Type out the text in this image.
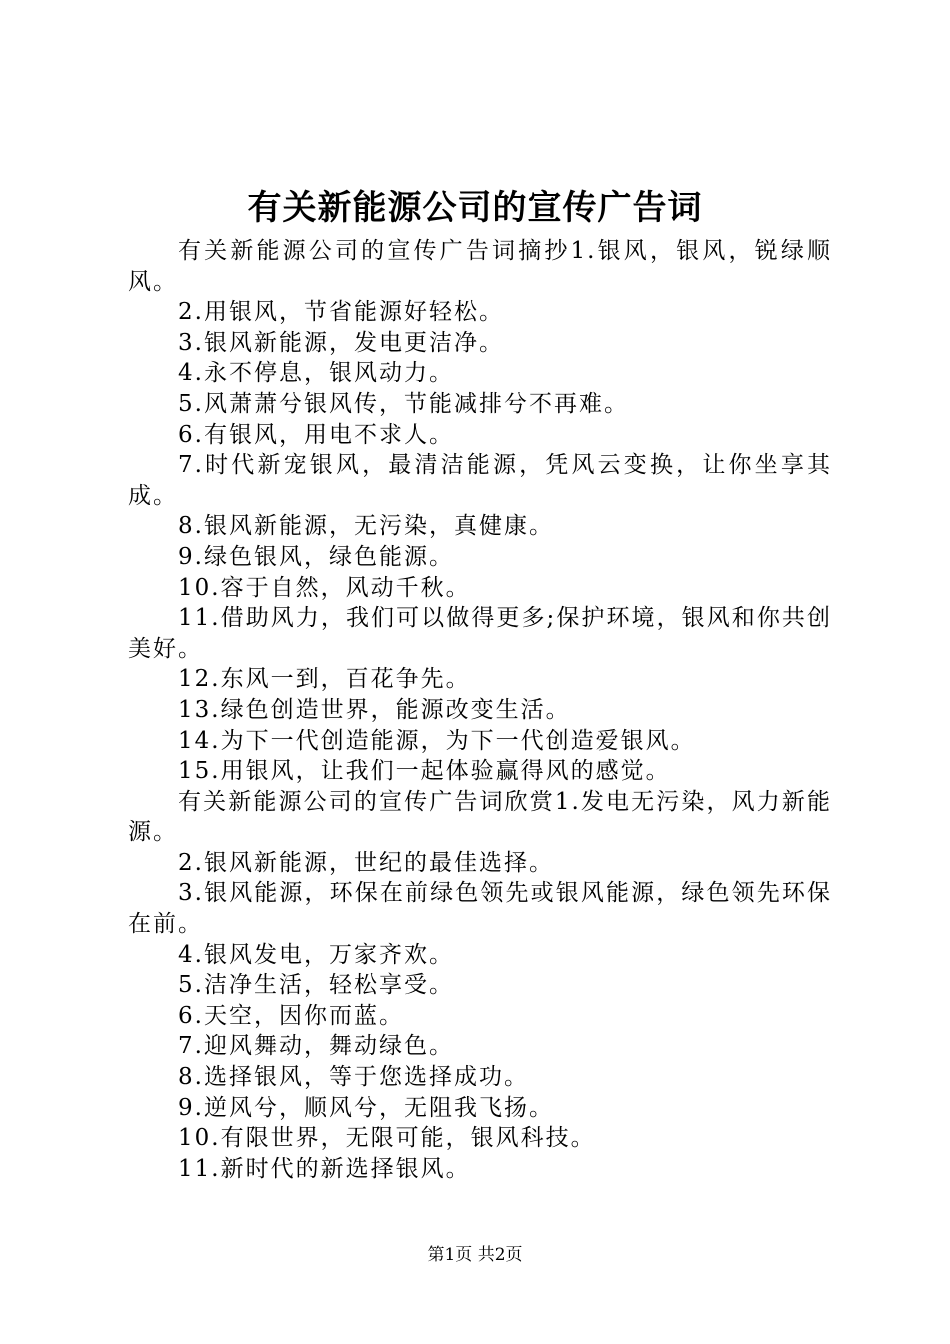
有关新能源公司的宣传广告词

有关新能源公司的宣传广告词摘抄1.银风，银风，锐绿顺风。

2.用银风，节省能源好轻松。

3.银风新能源，发电更洁净。

4.永不停息，银风动力。

5.风萧萧兮银风传，节能减排兮不再难。

6.有银风，用电不求人。

7.时代新宠银风，最清洁能源，凭风云变换，让你坐享其成。

8.银风新能源，无污染，真健康。

9.绿色银风，绿色能源。

10.容于自然，风动千秋。

11.借助风力，我们可以做得更多;保护环境，银风和你共创美好。

12.东风一到，百花争先。

13.绿色创造世界，能源改变生活。

14.为下一代创造能源，为下一代创造爱银风。

15.用银风，让我们一起体验赢得风的感觉。

有关新能源公司的宣传广告词欣赏1.发电无污染，风力新能源。

2.银风新能源，世纪的最佳选择。

3.银风能源，环保在前绿色领先或银风能源，绿色领先环保在前。

4.银风发电，万家齐欢。

5.洁净生活，轻松享受。

6.天空，因你而蓝。

7.迎风舞动，舞动绿色。

8.选择银风，等于您选择成功。

9.逆风兮，顺风兮，无阻我飞扬。

10.有限世界，无限可能，银风科技。

11.新时代的新选择银风。

第1页 共2页
